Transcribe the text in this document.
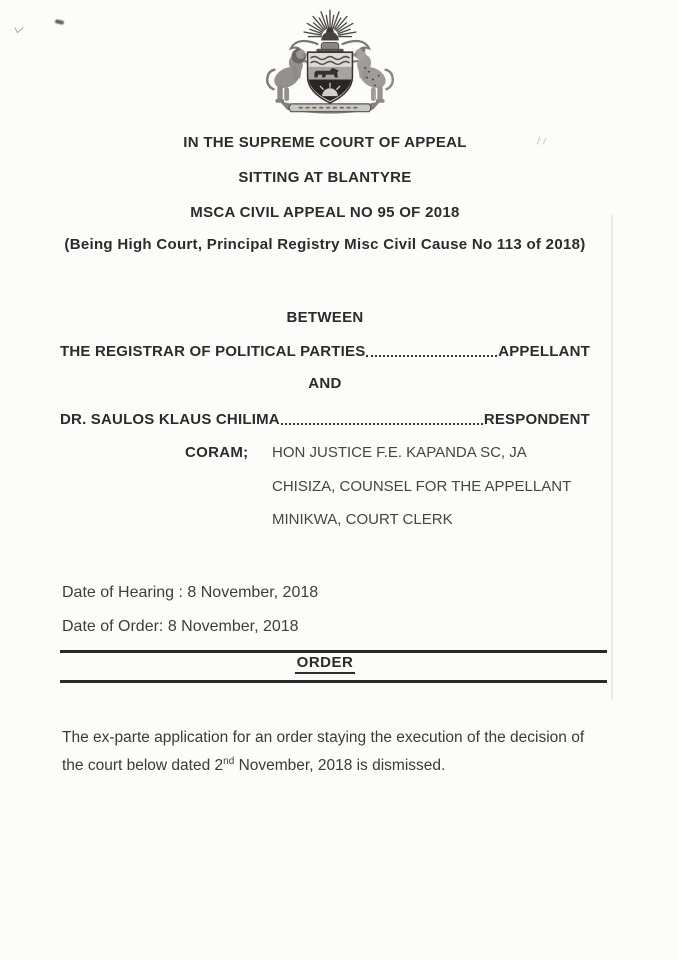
IN THE SUPREME COURT OF APPEAL
SITTING AT BLANTYRE
MSCA CIVIL APPEAL NO 95 OF 2018
(Being High Court, Principal Registry Misc Civil Cause No 113 of 2018)
BETWEEN
THE REGISTRAR OF POLITICAL PARTIES	APPELLANT
AND
DR. SAULOS KLAUS CHILIMA	RESPONDENT
CORAM;	HON JUSTICE F.E. KAPANDA SC, JA
CHISIZA, COUNSEL FOR THE APPELLANT
MINIKWA, COURT CLERK
Date of Hearing : 8 November, 2018
Date of Order: 8 November, 2018
ORDER
The ex-parte application for an order staying the execution of the decision of
the court below dated 2nd November, 2018 is dismissed.
